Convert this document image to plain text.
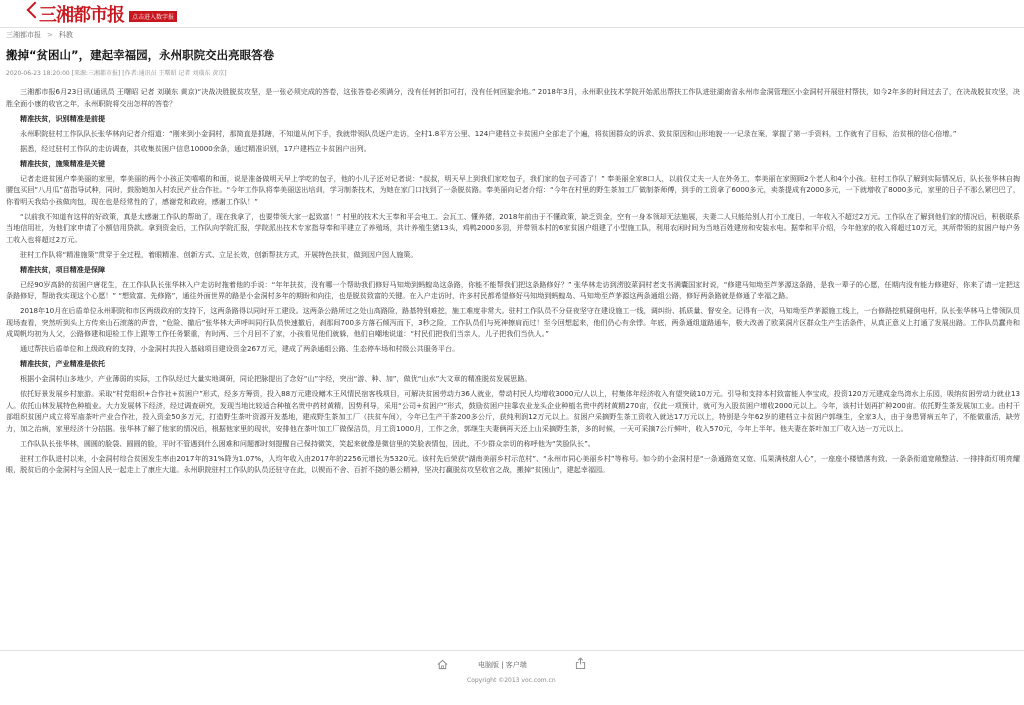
三湘都市报	点击进入数字报
三湘都市报 > 科教
搬掉“贫困山”，建起幸福园，永州职院交出亮眼答卷
2020-06-23 18:20:00 [来源:三湘都市报] [作者:通讯员 王曙昭 记者 刘璜东 黄京]

三湘都市报6月23日讯(通讯员 王曙昭 记者 刘璜东 黄京)“决战决胜脱贫攻坚，是一张必须完成的答卷，这张答卷必须满分，没有任何折扣可打，没有任何回旋余地。” 2018年3月，永州职业技术学院开始派出帮扶工作队进驻湖南省永州市金洞管理区小金洞村开展驻村帮扶，如今2年多的时间过去了，在决战脱贫攻坚，决胜全面小康的收官之年，永州职院将交出怎样的答卷？

精准扶贫，识别精准是前提

永州职院驻村工作队队长张华林向记者介绍道：“刚来到小金洞村，那简直是抓瞎，不知道从何下手，我就带领队员逐户走访，全村1.8平方公里、124户建档立卡贫困户全部走了个遍，将贫困群众的诉求、致贫原因和山形地貌一一记录在案，掌握了第一手资料，工作就有了目标，治贫根的信心倍增。”

据悉，经过驻村工作队的走访调查，共收集贫困户信息10000余条，通过精准识别，17户建档立卡贫困户出列。

精准扶贫，施策精准是关键

记者走进贫困户奉美丽的家里，奉美丽的两个小孩正笑嘻嘻的和面，说是准备做明天早上学吃的包子，他的小儿子还对记者说：“叔叔，明天早上到我们家吃包子，我们家的包子可香了！” 奉美丽全家8口人，以前仅丈夫一人在外务工，奉美丽在家照顾2个老人和4个小孩。驻村工作队了解到实际情况后，队长张华林自掏腰包买回“八月瓜”苗指导试种，同时，鼓励她加入村农民产业合作社。“今年工作队将奉美丽送出培训，学习制茶技术，为她在家门口找到了一条脱贫路。奉美丽向记者介绍：“今年在村里的野生茶加工厂做制茶师傅，到手的工资拿了6000多元，卖茶提成有2000多元，一下就增收了8000多元，家里的日子不那么紧巴巴了，你看明天我给小孩做肉包，现在也是经常性的了，感谢党和政府，感谢工作队！”

“以前我不知道有这样的好政策，真是太感谢工作队的帮助了，现在我拿了，也要带领大家一起致富！” 村里的技术大王奉和平会电工、会瓦工、懂养猪，2018年前由于不懂政策，缺乏资金，空有一身本领却无法施展，夫妻二人只能给别人打小工度日，一年收入不超过2万元。工作队在了解到他们家的情况后，积极联系当地信用社，为他们家申请了小额信用贷款。拿到资金后，工作队向学院汇报，学院派出技术专家指导奉和平建立了养殖场，共计养殖生猪13头，鸡鸭2000多羽，并带领本村的6家贫困户组建了小型施工队，利用农闲时间为当地百姓建房和安装水电。据奉和平介绍，今年他家的收入将超过10万元，其所带领的贫困户每户务工收入也将超过2万元。

驻村工作队将“精准施策”贯穿于全过程，着眼精准、创新方式、立足长效，创新帮扶方式，开展特色扶贫，做到因户因人施策。

精准扶贫，项目精准是保障

已经90岁高龄的贫困户唐花生，在工作队队长张华林入户走访时拖着他的手说：“年年扶贫，没有哪一个帮助我们修好马知坳到蚂蝗岛这条路，你能不能帮我们把这条路修好？” 张华林走访到涝胶菜洞村老支书满囊国家时说，“修建马知坳至芦茅源这条路，是我一辈子的心愿，任期内没有能力修建好，你来了请一定把这条路修好，帮助我实现这个心愿！” “想致富、先修路”，通往外面世界的路是小金洞村多年的期盼和向往，也是脱贫致富的关键。在入户走访时，许多村民都希望修好马知坳到蚂蝗岛、马知坳至芦茅源这两条通组公路，修好两条路就是修通了幸福之路。

2018年10月在后盾单位永州职院和市区两级政府的支持下，这两条路得以同时开工建设。这两条公路所过之处山高路险，路基特别难挖，施工难度非常大。驻村工作队员不分昼夜坚守在建设施工一线，调纠纷、抓质量、督安全。记得有一次，马知坳至芦茅源施工线上，一台修路挖机碰倒电杆，队长张华林马上带领队员现场查看，突然听到头上方传来山石滚落的声音，“危险、撤后”张华林大声呼叫同行队员快速撤后，刹那间700多方落石倾泻而下，3秒之险，工作队员们与死神擦肩而过！至今回想起来，他们仍心有余悸。年底，两条通组道路通车，极大改善了欧菜洞片区群众生产生活条件，从真正意义上打通了发展出路。工作队员蠢舟和成周帆均初为人父，公路修建和迎检工作上跟等工作任务繁重，有时两、三个月回不了家，小孩看见他们就躲，他们自嘲地说道：“村民们把我们当亲人，儿子把我们当仇人。”

通过帮扶后盾单位和上级政府的支持，小金洞村共投入基础项目建设资金267万元，建成了两条通组公路、生态停车场和村级公共服务平台。

精准扶贫，产业精准是依托

根据小金洞村山多地少，产业薄弱的实际，工作队经过大量实地调研，同论把脉提出了念好“山”字经，突出“游、种、加”，做优“山水”大文章的精准脱贫发展思路。

依托好景发展乡村旅游。采取“村党组织+合作社+贫困户”形式，经多方筹资，投入88万元建设鳝木王风情民宿客栈项目，可解决贫困劳动力36人就业，带动村民人均增收3000元/人以上，村集体年经济收入有望突破10万元。引导和支持本村致富能人李宝成，投资120万元建成金鸟湾水上乐园，吸纳贫困劳动力就业13人。依托山林发展特色种植业。大力发展林下经济，经过调查研究，发现当地比较适合种植名贵中药材黄精，因势利导，采用“公司+贫困户”形式，鼓励贫困户挂靠农业龙头企业种植名贵中药材黄精270亩，仅此一项预计，就可为入股贫困户增收2000元以上。今年，该村计划再扩种200亩。依托野生茶发展加工业。由村干部组织贫困户成立将军庙茶叶产业合作社，投入资金50多万元，打造野生茶叶资源开发基地，建成野生茶加工厂（扶贫车间），今年已生产干茶200多公斤，获纯利润12万元以上。贫困户采摘野生茶工资收入就达17万元以上，特别是今年62岁的建档立卡贫困户郭继生，全家3人，由于身患肾病五年了，不能做重活，缺劳力，加之治病，家里经济十分拮据。张华林了解了他家的情况后，根据他家里的现状，安排他在茶叶加工厂做保洁员，月工资1000月，工作之余，郭继生夫妻俩再天还上山采摘野生茶，多的时候，一天可采摘7公斤鲜叶，收入570元，今年上半年。他夫妻在茶叶加工厂收入达一万元以上。

工作队队长张华林，圆圆的脸袋、圆圆的脸，平时不管遇到什么困难和问题都时刻提醒自己保持微笑，笑起来就像是微信里的笑脸表情包，因此，不少群众亲切的称呼他为“笑脸队长”。

驻村工作队进村以来，小金洞村综合贫困发生率由2017年的31%降为1.07%，人均年收入由2017年的2256元增长为5320元。该村先后荣获“湖南美丽乡村示范村”、“永州市同心美丽乡村”等称号。如今的小金洞村是“一条通路宽又宽、瓜果满枝甜人心”，一座座小楼错落有致、一条条衔道宽敞整洁、一排排街灯明亮耀眼，脱贫后的小金洞村与全国人民一起走上了康庄大道。永州职院驻村工作队的队员还驻守在此，以锲而不舍、百折不挠的愚公精神，坚决打赢脱贫攻坚收官之战，搬掉“贫困山”，建起幸福园。

电脑版 | 客户端
Copyright ©2013 voc.com.cn
